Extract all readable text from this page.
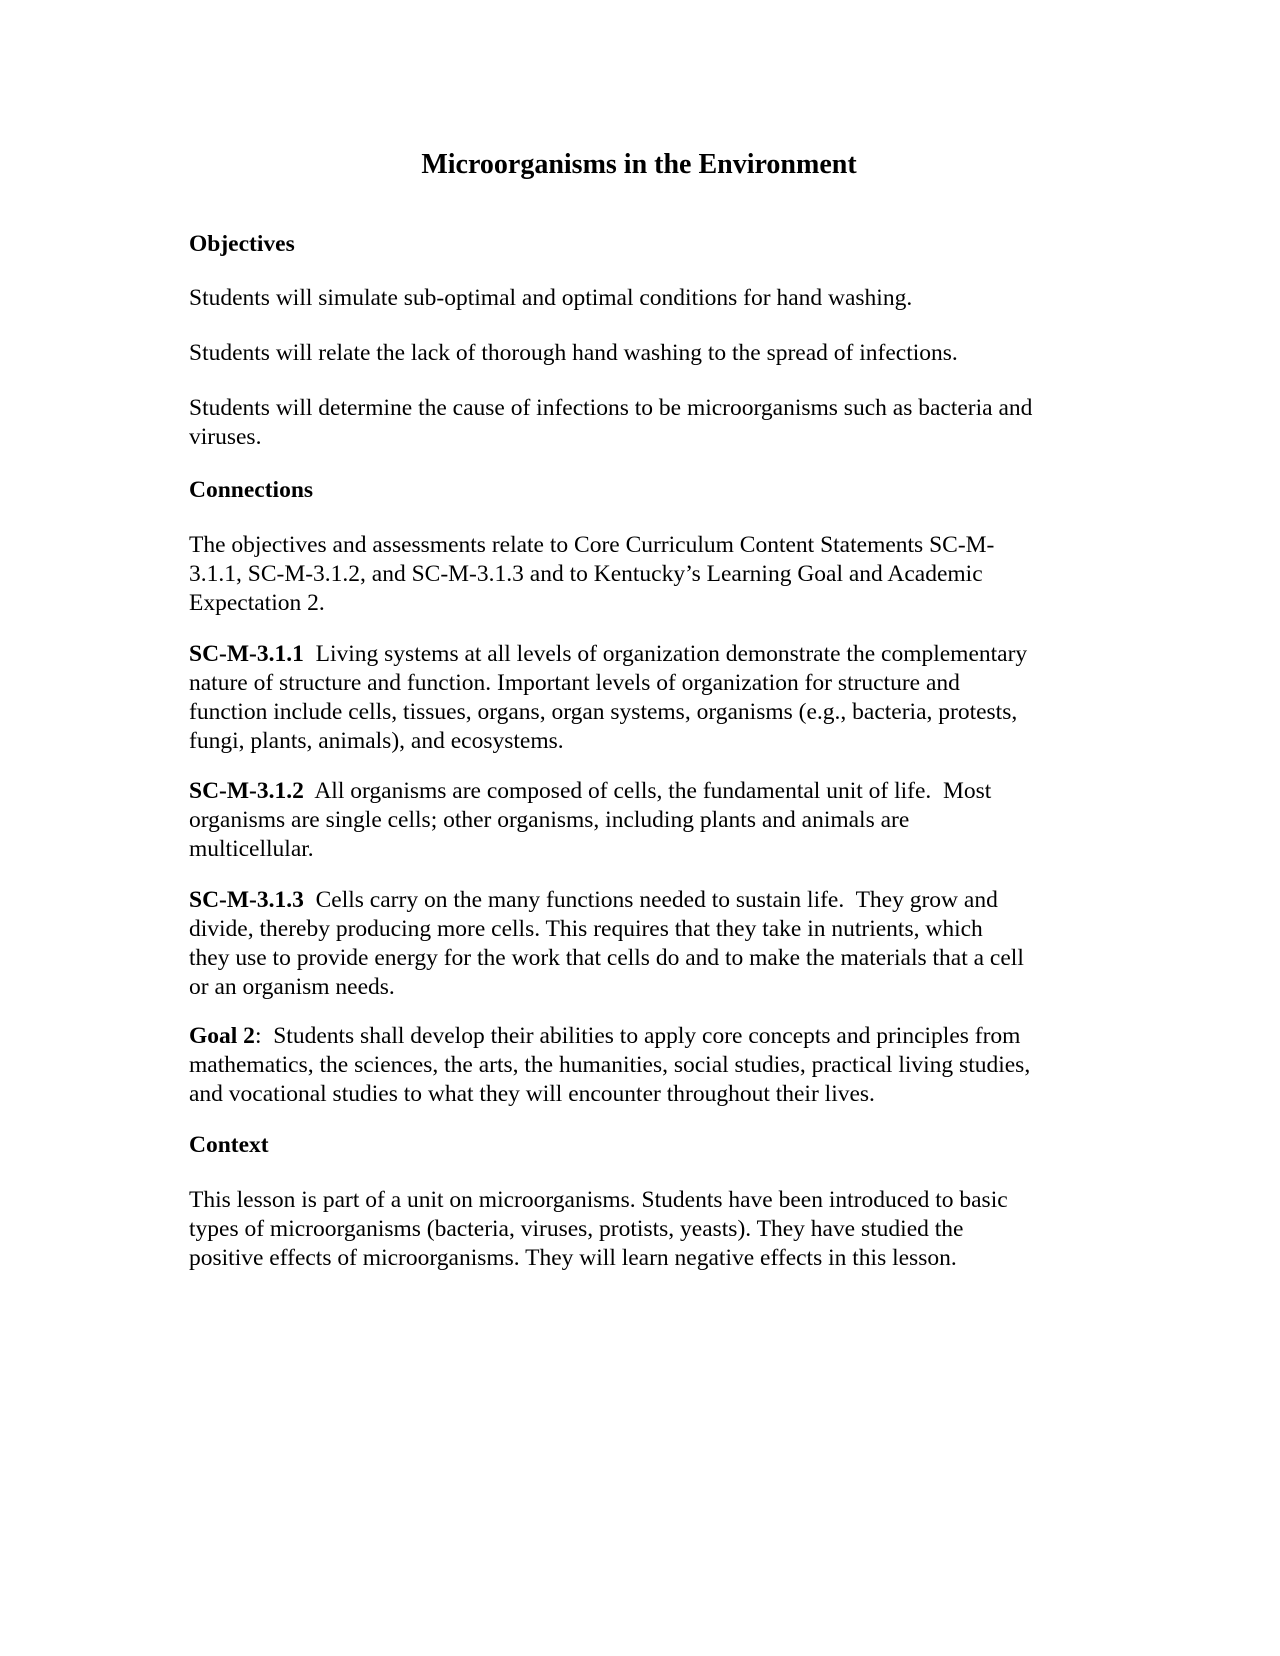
Microorganisms in the Environment

Objectives

Students will simulate sub-optimal and optimal conditions for hand washing.

Students will relate the lack of thorough hand washing to the spread of infections.

Students will determine the cause of infections to be microorganisms such as bacteria and
viruses.

Connections

The objectives and assessments relate to Core Curriculum Content Statements SC-M-
3.1.1, SC-M-3.1.2, and SC-M-3.1.3 and to Kentucky’s Learning Goal and Academic
Expectation 2.

SC-M-3.1.1  Living systems at all levels of organization demonstrate the complementary
nature of structure and function. Important levels of organization for structure and
function include cells, tissues, organs, organ systems, organisms (e.g., bacteria, protests,
fungi, plants, animals), and ecosystems.

SC-M-3.1.2  All organisms are composed of cells, the fundamental unit of life.  Most
organisms are single cells; other organisms, including plants and animals are
multicellular.

SC-M-3.1.3  Cells carry on the many functions needed to sustain life.  They grow and
divide, thereby producing more cells. This requires that they take in nutrients, which
they use to provide energy for the work that cells do and to make the materials that a cell
or an organism needs.

Goal 2:  Students shall develop their abilities to apply core concepts and principles from
mathematics, the sciences, the arts, the humanities, social studies, practical living studies,
and vocational studies to what they will encounter throughout their lives.

Context

This lesson is part of a unit on microorganisms. Students have been introduced to basic
types of microorganisms (bacteria, viruses, protists, yeasts). They have studied the
positive effects of microorganisms. They will learn negative effects in this lesson.
